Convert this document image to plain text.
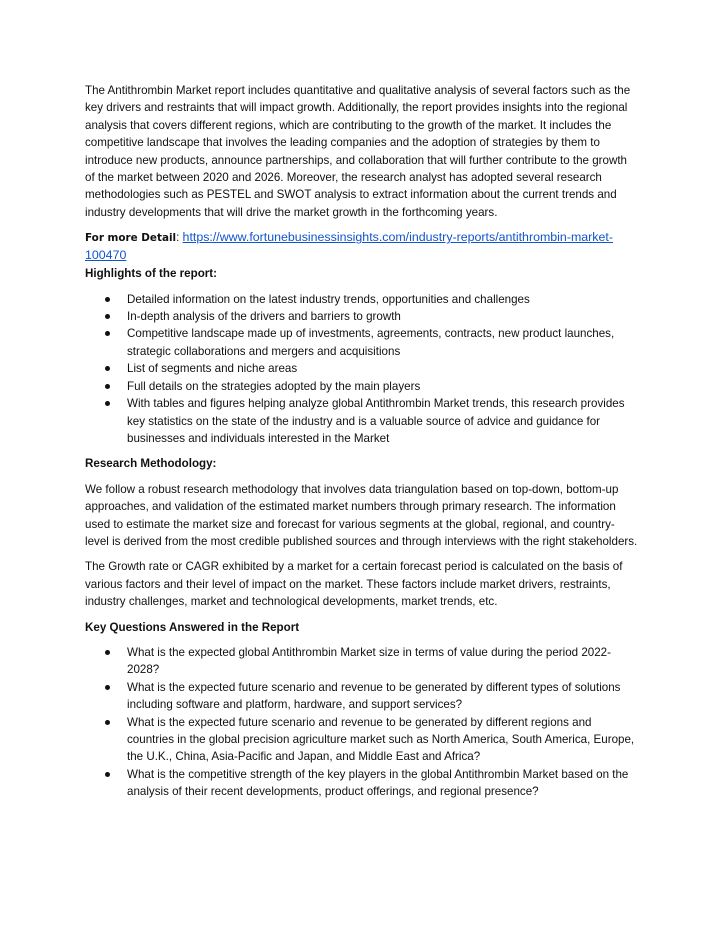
The Antithrombin Market report includes quantitative and qualitative analysis of several factors such as the key drivers and restraints that will impact growth. Additionally, the report provides insights into the regional analysis that covers different regions, which are contributing to the growth of the market. It includes the competitive landscape that involves the leading companies and the adoption of strategies by them to introduce new products, announce partnerships, and collaboration that will further contribute to the growth of the market between 2020 and 2026. Moreover, the research analyst has adopted several research methodologies such as PESTEL and SWOT analysis to extract information about the current trends and industry developments that will drive the market growth in the forthcoming years.

For more Detail: https://www.fortunebusinessinsights.com/industry-reports/antithrombin-market-
100470

Highlights of the report:
Detailed information on the latest industry trends, opportunities and challenges
In-depth analysis of the drivers and barriers to growth
Competitive landscape made up of investments, agreements, contracts, new product launches, strategic collaborations and mergers and acquisitions
List of segments and niche areas
Full details on the strategies adopted by the main players
With tables and figures helping analyze global Antithrombin Market trends, this research provides key statistics on the state of the industry and is a valuable source of advice and guidance for businesses and individuals interested in the Market
Research Methodology:

We follow a robust research methodology that involves data triangulation based on top-down, bottom-up approaches, and validation of the estimated market numbers through primary research. The information used to estimate the market size and forecast for various segments at the global, regional, and country-level is derived from the most credible published sources and through interviews with the right stakeholders.

The Growth rate or CAGR exhibited by a market for a certain forecast period is calculated on the basis of various factors and their level of impact on the market. These factors include market drivers, restraints, industry challenges, market and technological developments, market trends, etc.

Key Questions Answered in the Report
What is the expected global Antithrombin Market size in terms of value during the period 2022-2028?
What is the expected future scenario and revenue to be generated by different types of solutions including software and platform, hardware, and support services?
What is the expected future scenario and revenue to be generated by different regions and countries in the global precision agriculture market such as North America, South America, Europe, the U.K., China, Asia-Pacific and Japan, and Middle East and Africa?
What is the competitive strength of the key players in the global Antithrombin Market based on the analysis of their recent developments, product offerings, and regional presence?
